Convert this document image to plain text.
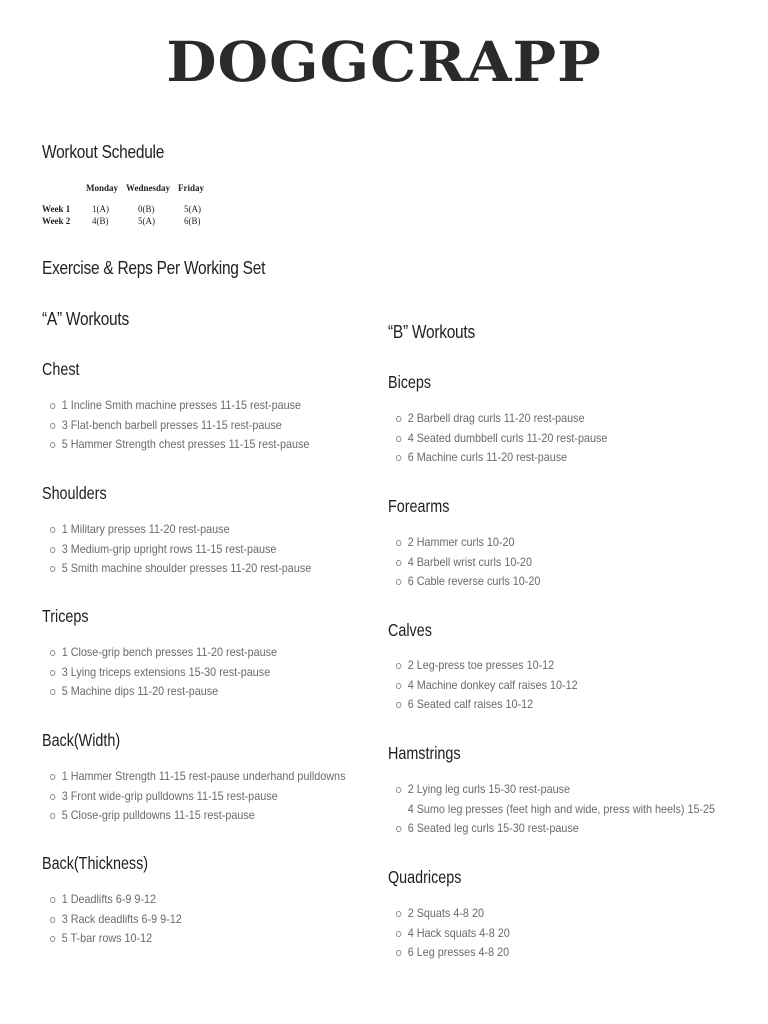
DOGGCRAPP
Workout Schedule
	Monday	Wednesday	Friday
Week 1	1(A)	0(B)	5(A)
Week 2	4(B)	5(A)	6(B)
Exercise & Reps Per Working Set
“A” Workouts
“B” Workouts
Chest
1 Incline Smith machine presses 11-15 rest-pause
3 Flat-bench barbell presses 11-15 rest-pause
5 Hammer Strength chest presses 11-15 rest-pause
Shoulders
1 Military presses 11-20 rest-pause
3 Medium-grip upright rows 11-15 rest-pause
5 Smith machine shoulder presses 11-20 rest-pause
Triceps
1 Close-grip bench presses 11-20 rest-pause
3 Lying triceps extensions 15-30 rest-pause
5 Machine dips 11-20 rest-pause
Back(Width)
1 Hammer Strength 11-15 rest-pause underhand pulldowns
3 Front wide-grip pulldowns 11-15 rest-pause
5 Close-grip pulldowns 11-15 rest-pause
Back(Thickness)
1 Deadlifts 6-9 9-12
3 Rack deadlifts 6-9 9-12
5 T-bar rows 10-12
Biceps
2 Barbell drag curls 11-20 rest-pause
4 Seated dumbbell curls 11-20 rest-pause
6 Machine curls 11-20 rest-pause
Forearms
2 Hammer curls 10-20
4 Barbell wrist curls 10-20
6 Cable reverse curls 10-20
Calves
2 Leg-press toe presses 10-12
4 Machine donkey calf raises 10-12
6 Seated calf raises 10-12
Hamstrings
2 Lying leg curls 15-30 rest-pause
4 Sumo leg presses (feet high and wide, press with heels) 15-25
6 Seated leg curls 15-30 rest-pause
Quadriceps
2 Squats 4-8 20
4 Hack squats 4-8 20
6 Leg presses 4-8 20
